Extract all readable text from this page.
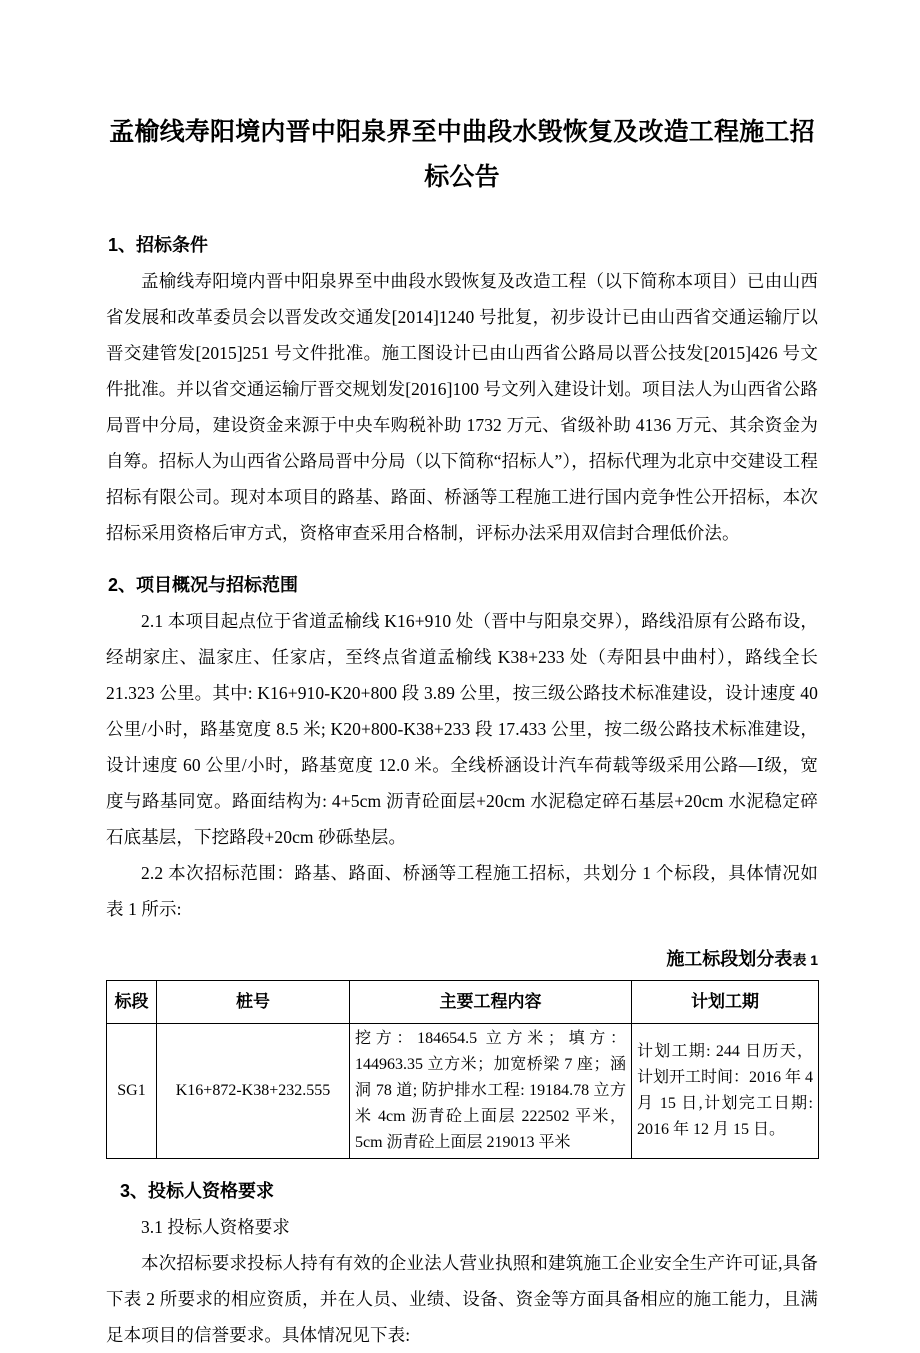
孟榆线寿阳境内晋中阳泉界至中曲段水毁恢复及改造工程施工招标公告
1、招标条件

孟榆线寿阳境内晋中阳泉界至中曲段水毁恢复及改造工程（以下简称本项目）已由山西省发展和改革委员会以晋发改交通发[2014]1240 号批复，初步设计已由山西省交通运输厅以晋交建管发[2015]251 号文件批准。施工图设计已由山西省公路局以晋公技发[2015]426 号文件批准。并以省交通运输厅晋交规划发[2016]100 号文列入建设计划。项目法人为山西省公路局晋中分局，建设资金来源于中央车购税补助 1732 万元、省级补助 4136 万元、其余资金为自筹。招标人为山西省公路局晋中分局（以下简称“招标人”），招标代理为北京中交建设工程招标有限公司。现对本项目的路基、路面、桥涵等工程施工进行国内竞争性公开招标，本次招标采用资格后审方式，资格审查采用合格制，评标办法采用双信封合理低价法。

2、项目概况与招标范围

2.1 本项目起点位于省道孟榆线 K16+910 处（晋中与阳泉交界），路线沿原有公路布设，经胡家庄、温家庄、任家店，至终点省道孟榆线 K38+233 处（寿阳县中曲村），路线全长 21.323 公里。其中: K16+910-K20+800 段 3.89 公里，按三级公路技术标准建设，设计速度 40 公里/小时，路基宽度 8.5 米; K20+800-K38+233 段 17.433 公里，按二级公路技术标准建设，设计速度 60 公里/小时，路基宽度 12.0 米。全线桥涵设计汽车荷载等级采用公路—Ⅰ级，宽度与路基同宽。路面结构为: 4+5cm 沥青砼面层+20cm 水泥稳定碎石基层+20cm 水泥稳定碎石底基层，下挖路段+20cm 砂砾垫层。

2.2 本次招标范围：路基、路面、桥涵等工程施工招标，共划分 1 个标段，具体情况如表 1 所示:

施工标段划分表表 1
标段	桩号	主要工程内容	计划工期
SG1	K16+872-K38+232.555	挖方：184654.5 立方米；填方：144963.35 立方米；加宽桥梁 7 座；涵洞 78 道; 防护排水工程: 19184.78 立方米 4cm 沥青砼上面层 222502 平米，5cm 沥青砼上面层 219013 平米	计划工期: 244 日历天，计划开工时间：2016 年 4 月 15 日,计划完工日期: 2016 年 12 月 15 日。
3、投标人资格要求

3.1 投标人资格要求

本次招标要求投标人持有有效的企业法人营业执照和建筑施工企业安全生产许可证,具备下表 2 所要求的相应资质，并在人员、业绩、设备、资金等方面具备相应的施工能力，且满足本项目的信誉要求。具体情况见下表:
